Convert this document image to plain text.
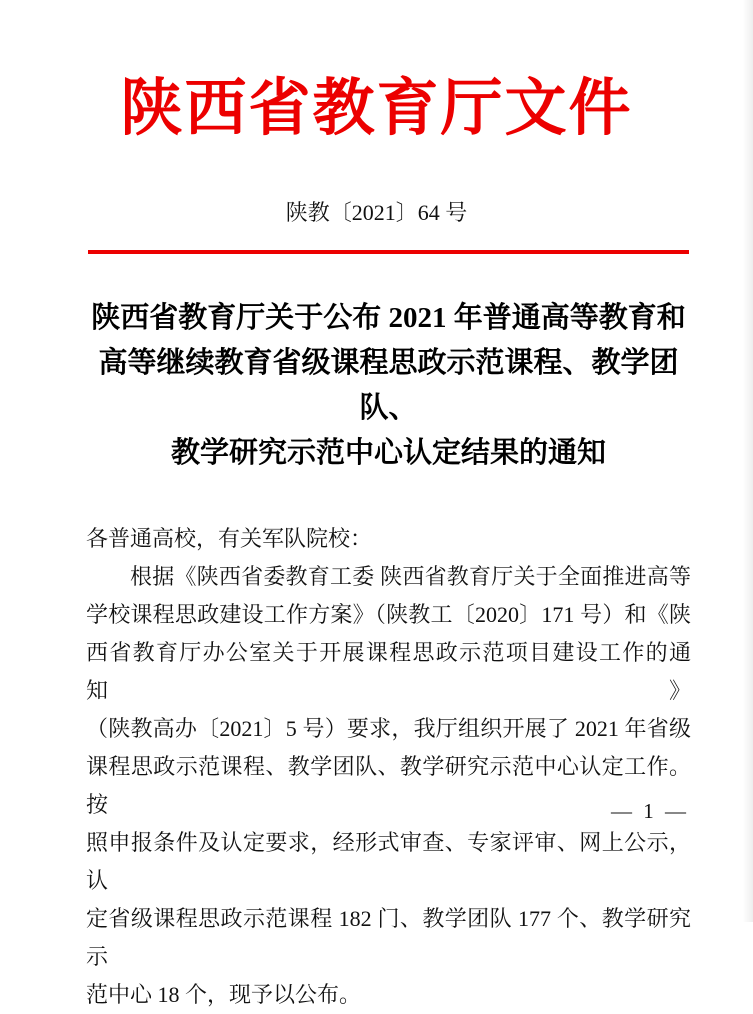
陕西省教育厅文件
陕教〔2021〕64 号
陕西省教育厅关于公布 2021 年普通高等教育和
高等继续教育省级课程思政示范课程、教学团队、
教学研究示范中心认定结果的通知
各普通高校，有关军队院校：
根据《陕西省委教育工委 陕西省教育厅关于全面推进高等
学校课程思政建设工作方案》（陕教工〔2020〕171 号）和《陕
西省教育厅办公室关于开展课程思政示范项目建设工作的通知》
（陕教高办〔2021〕5 号）要求，我厅组织开展了 2021 年省级
课程思政示范课程、教学团队、教学研究示范中心认定工作。按
照申报条件及认定要求，经形式审查、专家评审、网上公示，认
定省级课程思政示范课程 182 门、教学团队 177 个、教学研究示
范中心 18 个，现予以公布。
— 1 —
